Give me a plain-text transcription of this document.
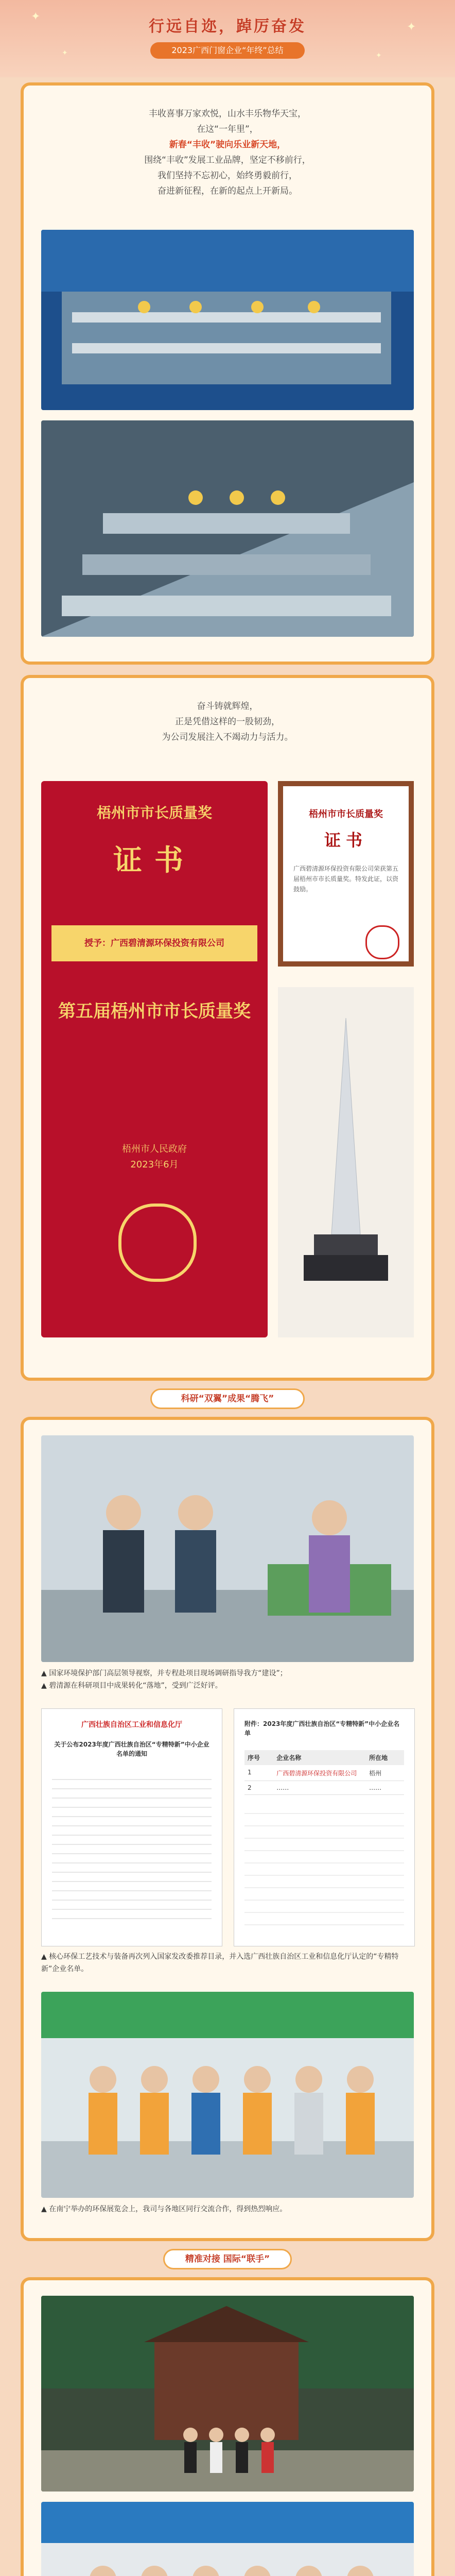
✦
✦
✦	✦
行远自迩，踔厉奋发
2023广西门窗企业“年终”总结
丰收喜事万家欢悦，山水丰乐物华天宝，
在这“一年里”，
新春“丰收”驶向乐业新天地，
围绕“丰收”发展工业品牌，坚定不移前行，
我们坚持不忘初心，始终勇毅前行，
奋进新征程，在新的起点上开新局。
奋斗铸就辉煌，
正是凭借这样的一股韧劲，
为公司发展注入不竭动力与活力。
梧州市市长质量奖
证书
授予：广西碧清源环保投资有限公司
第五届梧州市市长质量奖
梧州市人民政府
2023年6月
梧州市市长质量奖
证书
广西碧清源环保投资有限公司荣获第五届梧州市市长质量奖。特发此证，以资鼓励。
科研“双翼”成果“腾飞”
▲ 国家环境保护部门高层领导视察，并专程赴项目现场调研指导我方“建设”；
▲ 碧清源在科研项目中成果转化“落地”，受到广泛好评。
广西壮族自治区工业和信息化厅
关于公布2023年度广西壮族自治区“专精特新”中小企业名单的通知
附件：2023年度广西壮族自治区“专精特新”中小企业名单
序号	企业名称	所在地
1	广西碧清源环保投资有限公司	梧州
2	……	……
▲ 核心环保工艺技术与装备再次列入国家发改委推荐目录，并入选广西壮族自治区工业和信息化厅认定的“专精特新”企业名单。
▲ 在南宁举办的环保展览会上，我司与各地区同行交流合作，得到热烈响应。
精准对接 国际“联手”
